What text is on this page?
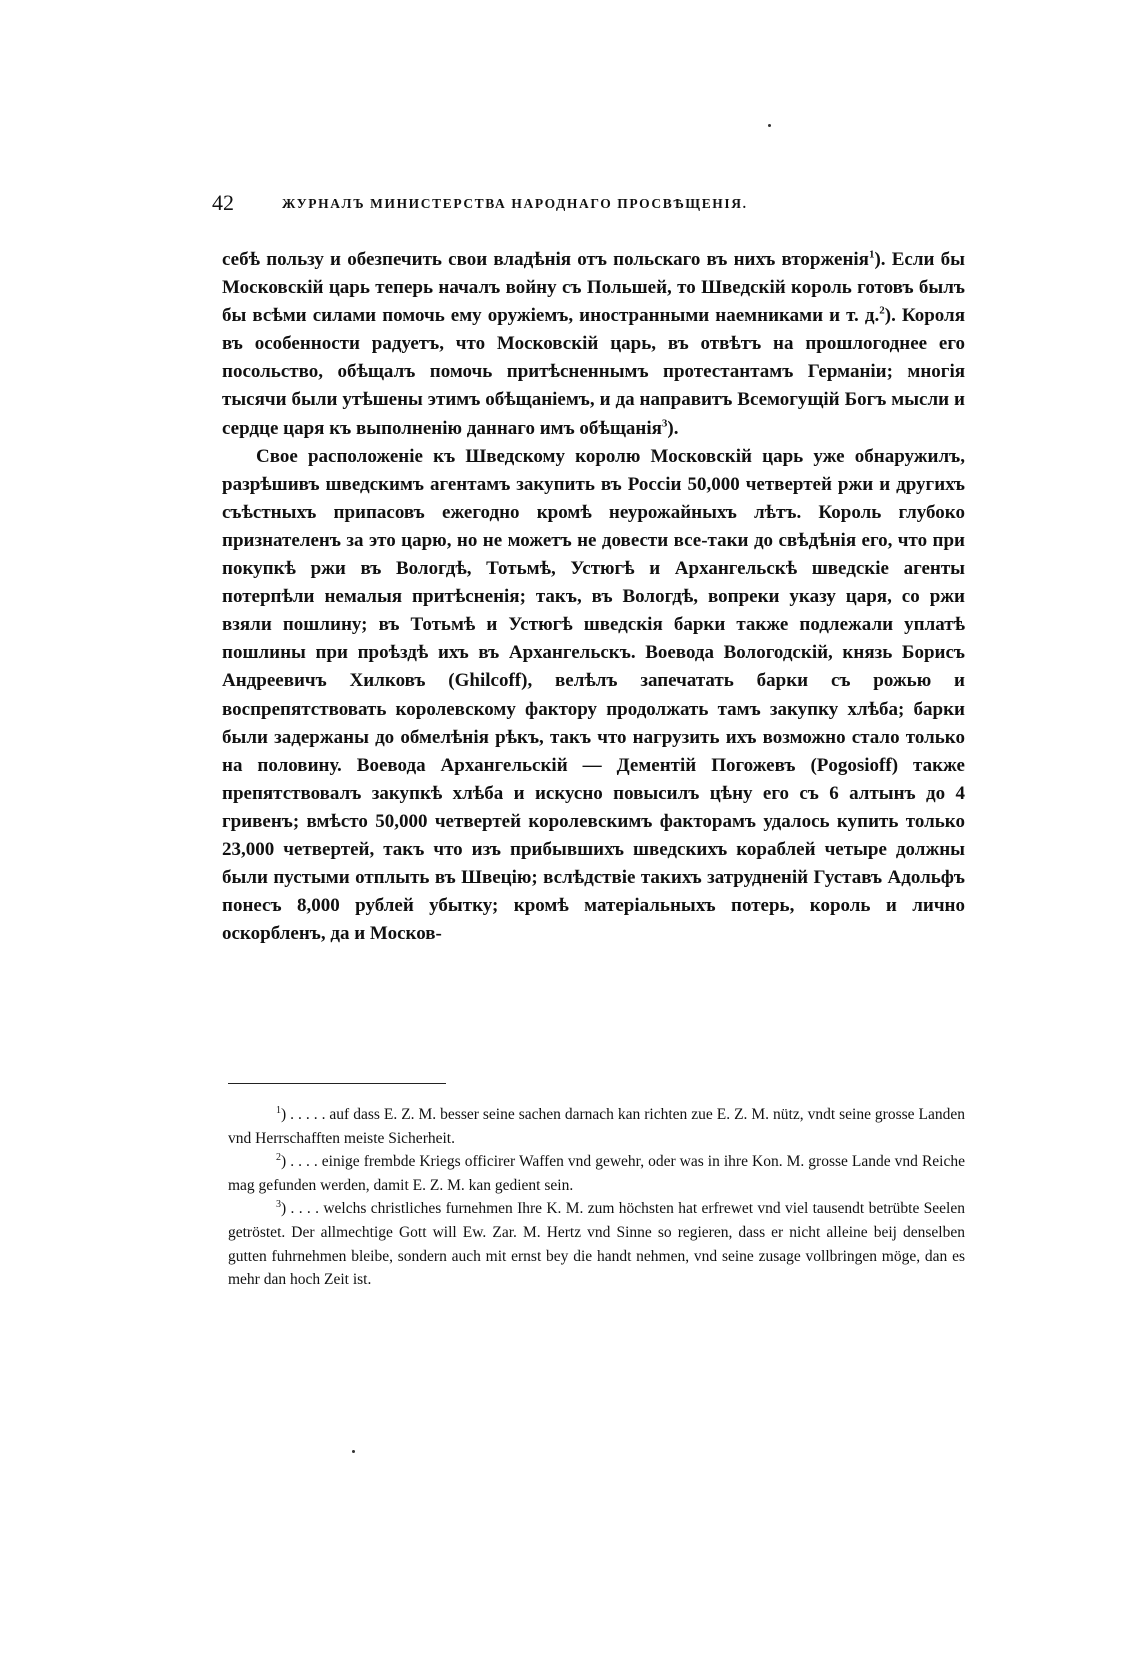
42	ЖУРНАЛЪ МИНИСТЕРСТВА НАРОДНАГО ПРОСВѢЩЕНІЯ.

себѣ пользу и обезпечить свои владѣнія отъ польскаго въ нихъ вторженія$^1$). Если бы Московскій царь теперь началъ войну съ Польшей, то Шведскій король готовъ былъ бы всѣми силами помочь ему оружіемъ, иностранными наемниками и т. д.$^2$). Короля въ особенности радуетъ, что Московскій царь, въ отвѣтъ на прошлогоднее его посольство, обѣщалъ помочь притѣсненнымъ протестантамъ Германіи; многія тысячи были утѣшены этимъ обѣщаніемъ, и да направитъ Всемогущій Богъ мысли и сердце царя къ выполненію даннаго имъ обѣщанія$^3$).

Свое расположеніе къ Шведскому королю Московскій царь уже обнаружилъ, разрѣшивъ шведскимъ агентамъ закупить въ Россіи 50,000 четвертей ржи и другихъ съѣстныхъ припасовъ ежегодно кромѣ неурожайныхъ лѣтъ. Король глубоко признателенъ за это царю, но не можетъ не довести все-таки до свѣдѣнія его, что при покупкѣ ржи въ Вологдѣ, Тотьмѣ, Устюгѣ и Архангельскѣ шведскіе агенты потерпѣли немалыя притѣсненія; такъ, въ Вологдѣ, вопреки указу царя, со ржи взяли пошлину; въ Тотьмѣ и Устюгѣ шведскія барки также подлежали уплатѣ пошлины при проѣздѣ ихъ въ Архангельскъ. Воевода Вологодскій, князь Борисъ Андреевичъ Хилковъ (Ghilcoff), велѣлъ запечатать барки съ рожью и воспрепятствовать королевскому фактору продолжать тамъ закупку хлѣба; барки были задержаны до обмелѣнія рѣкъ, такъ что нагрузить ихъ возможно стало только на половину. Воевода Архангельскій — Дементій Погожевъ (Pogosioff) также препятствовалъ закупкѣ хлѣба и искусно повысилъ цѣну его съ 6 алтынъ до 4 гривенъ; вмѣсто 50,000 четвертей королевскимъ факторамъ удалось купить только 23,000 четвертей, такъ что изъ прибывшихъ шведскихъ кораблей четыре должны были пустыми отплыть въ Швецію; вслѣдствіе такихъ затрудненій Густавъ Адольфъ понесъ 8,000 рублей убытку; кромѣ матеріальныхъ потерь, король и лично оскорбленъ, да и Москов-

$^1$) . . . . . auf dass E. Z. M. besser seine sachen darnach kan richten zue E. Z. M. nütz, vndt seine grosse Landen vnd Herrschafften meiste Sicherheit.

$^2$) . . . . einige frembde Kriegs officirer Waffen vnd gewehr, oder was in ihre Kon. M. grosse Lande vnd Reiche mag gefunden werden, damit E. Z. M. kan gedient sein.

$^3$) . . . . welchs christliches furnehmen Ihre K. M. zum höchsten hat erfrewet vnd viel tausendt betrübte Seelen getröstet. Der allmechtige Gott will Ew. Zar. M. Hertz vnd Sinne so regieren, dass er nicht alleine beij denselben gutten fuhrnehmen bleibe, sondern auch mit ernst bey die handt nehmen, vnd seine zusage vollbringen möge, dan es mehr dan hoch Zeit ist.
